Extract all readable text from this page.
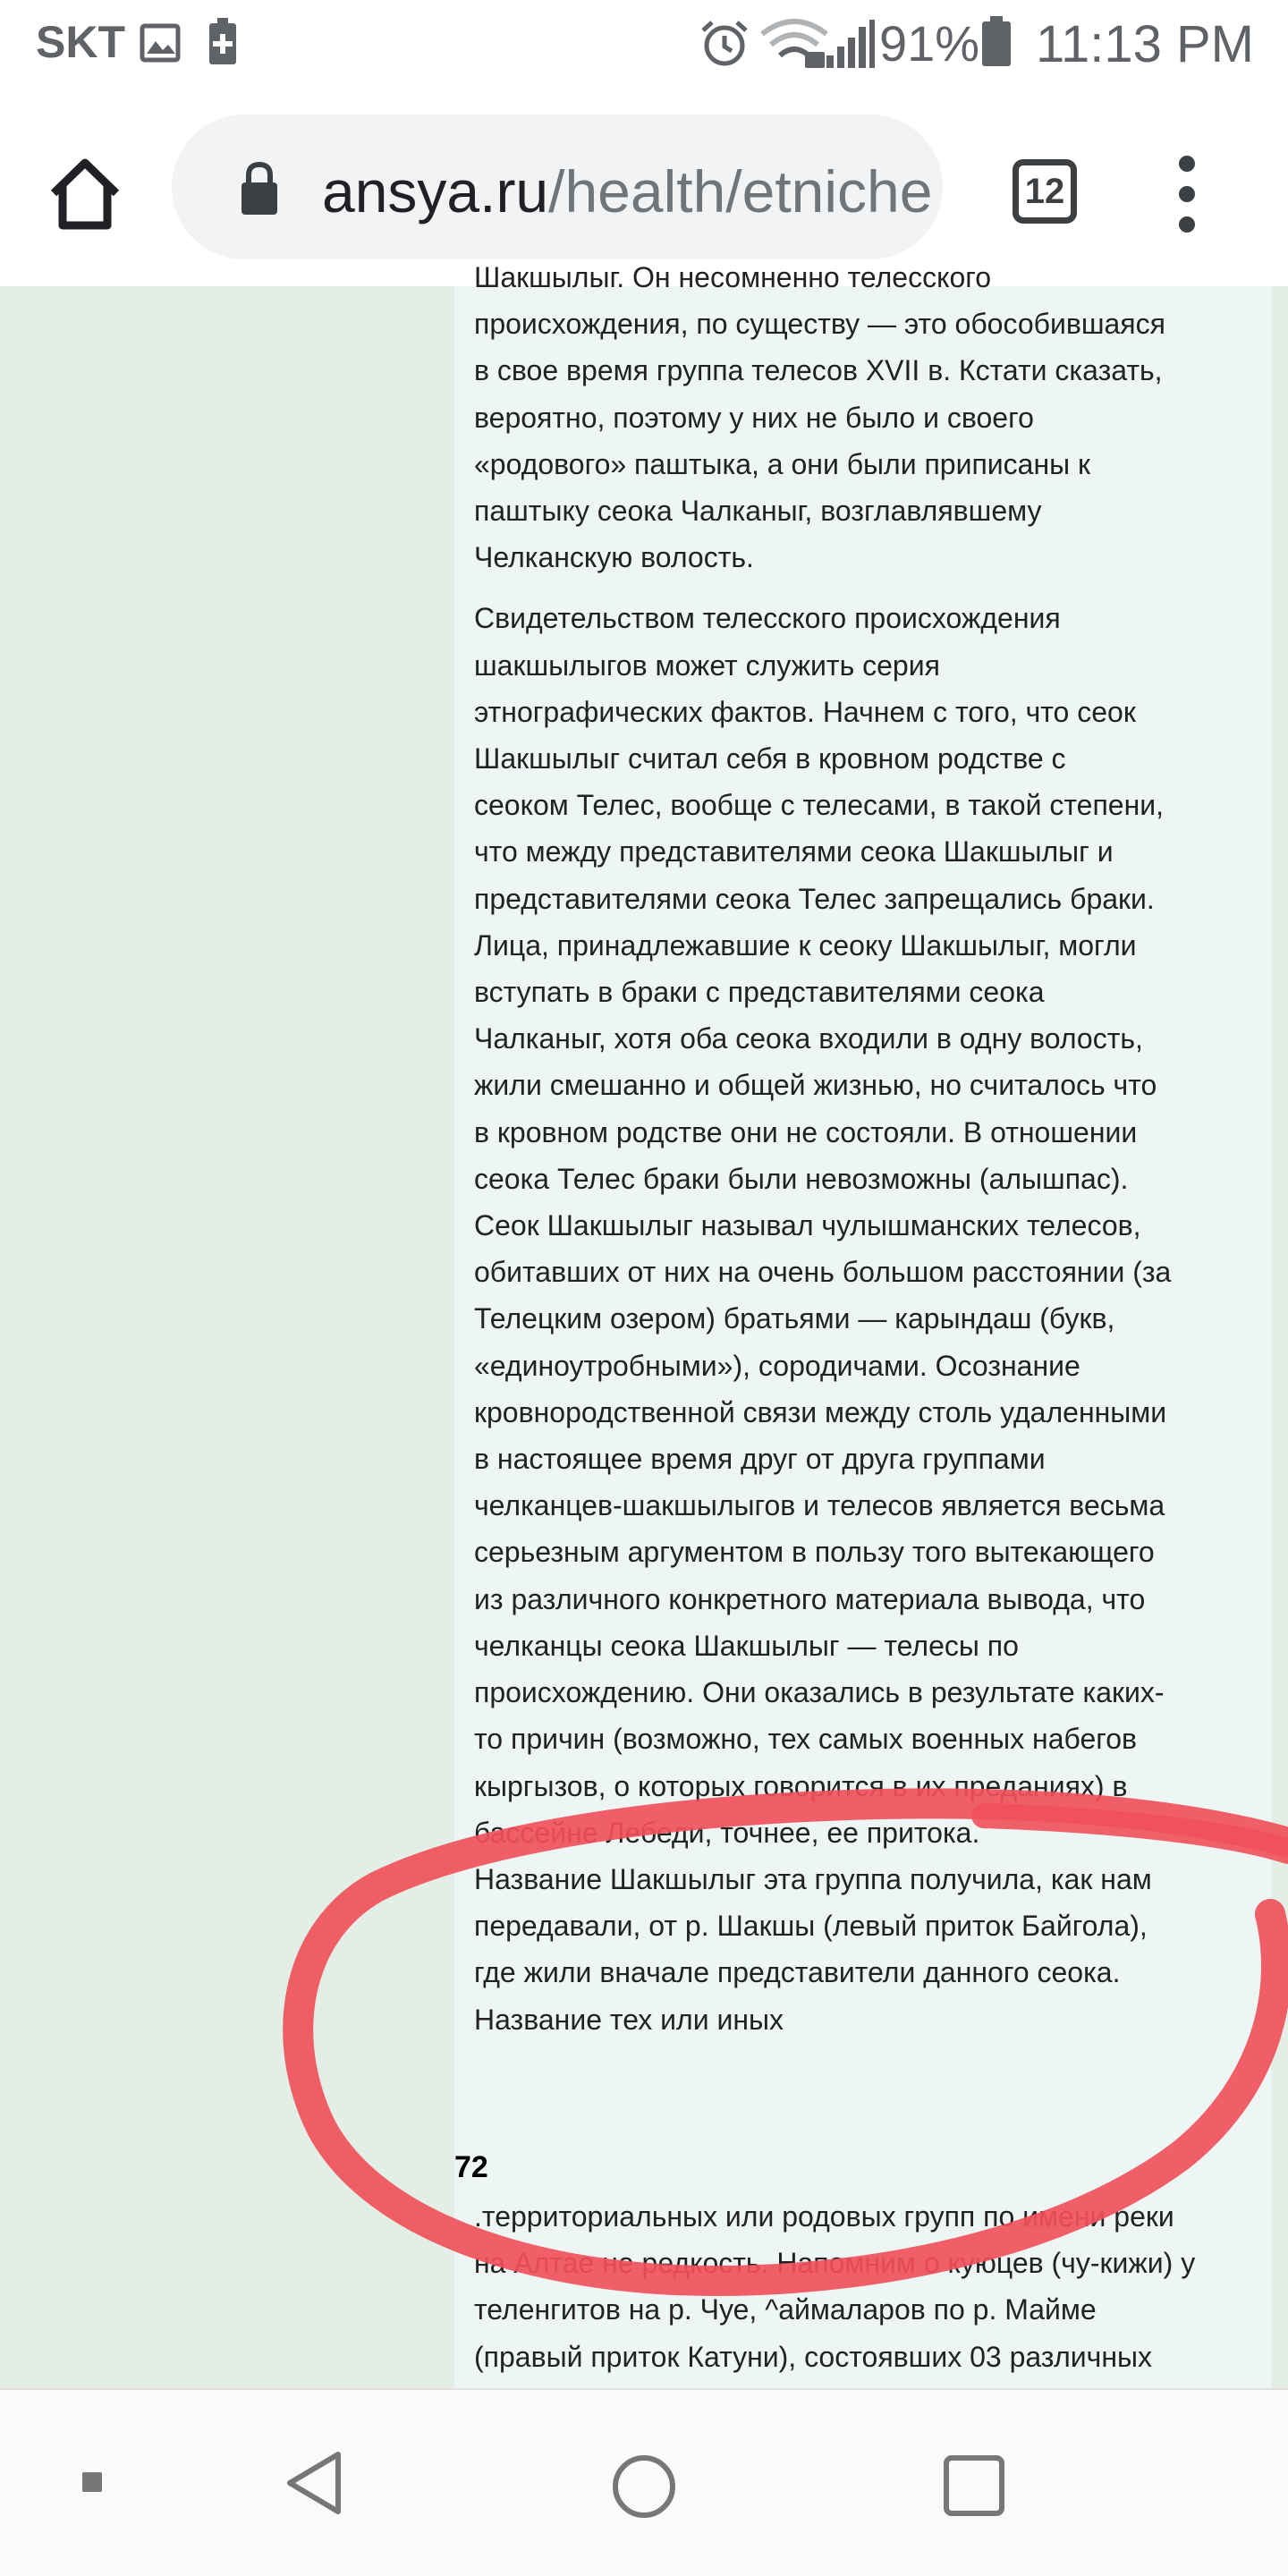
SKT	91% 11:13 PM
ansya.ru/health/etniche	12
Шакшылыг. Он несомненно телесского
происхождения, по существу — это обособившаяся
в свое время группа телесов XVII в. Кстати сказать,
вероятно, поэтому у них не было и своего
«родового» паштыка, а они были приписаны к
паштыку сеока Чалканыг, возглавлявшему
Челканскую волость.
Свидетельством телесского происхождения
шакшылыгов может служить серия
этнографических фактов. Начнем с того, что сеок
Шакшылыг считал себя в кровном родстве с
сеоком Телес, вообще с телесами, в такой степени,
что между представителями сеока Шакшылыг и
представителями сеока Телес запрещались браки.
Лица, принадлежавшие к сеоку Шакшылыг, могли
вступать в браки с представителями сеока
Чалканыг, хотя оба сеока входили в одну волость,
жили смешанно и общей жизнью, но считалось что
в кровном родстве они не состояли. В отношении
сеока Телес браки были невозможны (алышпас).
Сеок Шакшылыг называл чулышманских телесов,
обитавших от них на очень большом расстоянии (за
Телецким озером) братьями — карындаш (букв,
«единоутробными»), сородичами. Осознание
кровнородственной связи между столь удаленными
в настоящее время друг от друга группами
челканцев-шакшылыгов и телесов является весьма
серьезным аргументом в пользу того вытекающего
из различного конкретного материала вывода, что
челканцы сеока Шакшылыг — телесы по
происхождению. Они оказались в результате каких-
то причин (возможно, тех самых военных набегов
кыргызов, о которых говорится в их преданиях) в
бассейне Лебеди, точнее, ее притока.
Название Шакшылыг эта группа получила, как нам
передавали, от р. Шакшы (левый приток Байгола),
где жили вначале представители данного сеока.
Название тех или иных
72
.территориальных или родовых групп по имени реки
на Алтае не редкость. Напомним о куюцев (чу-кижи) у
теленгитов на р. Чуе, ^аймаларов по р. Майме
(правый приток Катуни), состоявших 03 различных
